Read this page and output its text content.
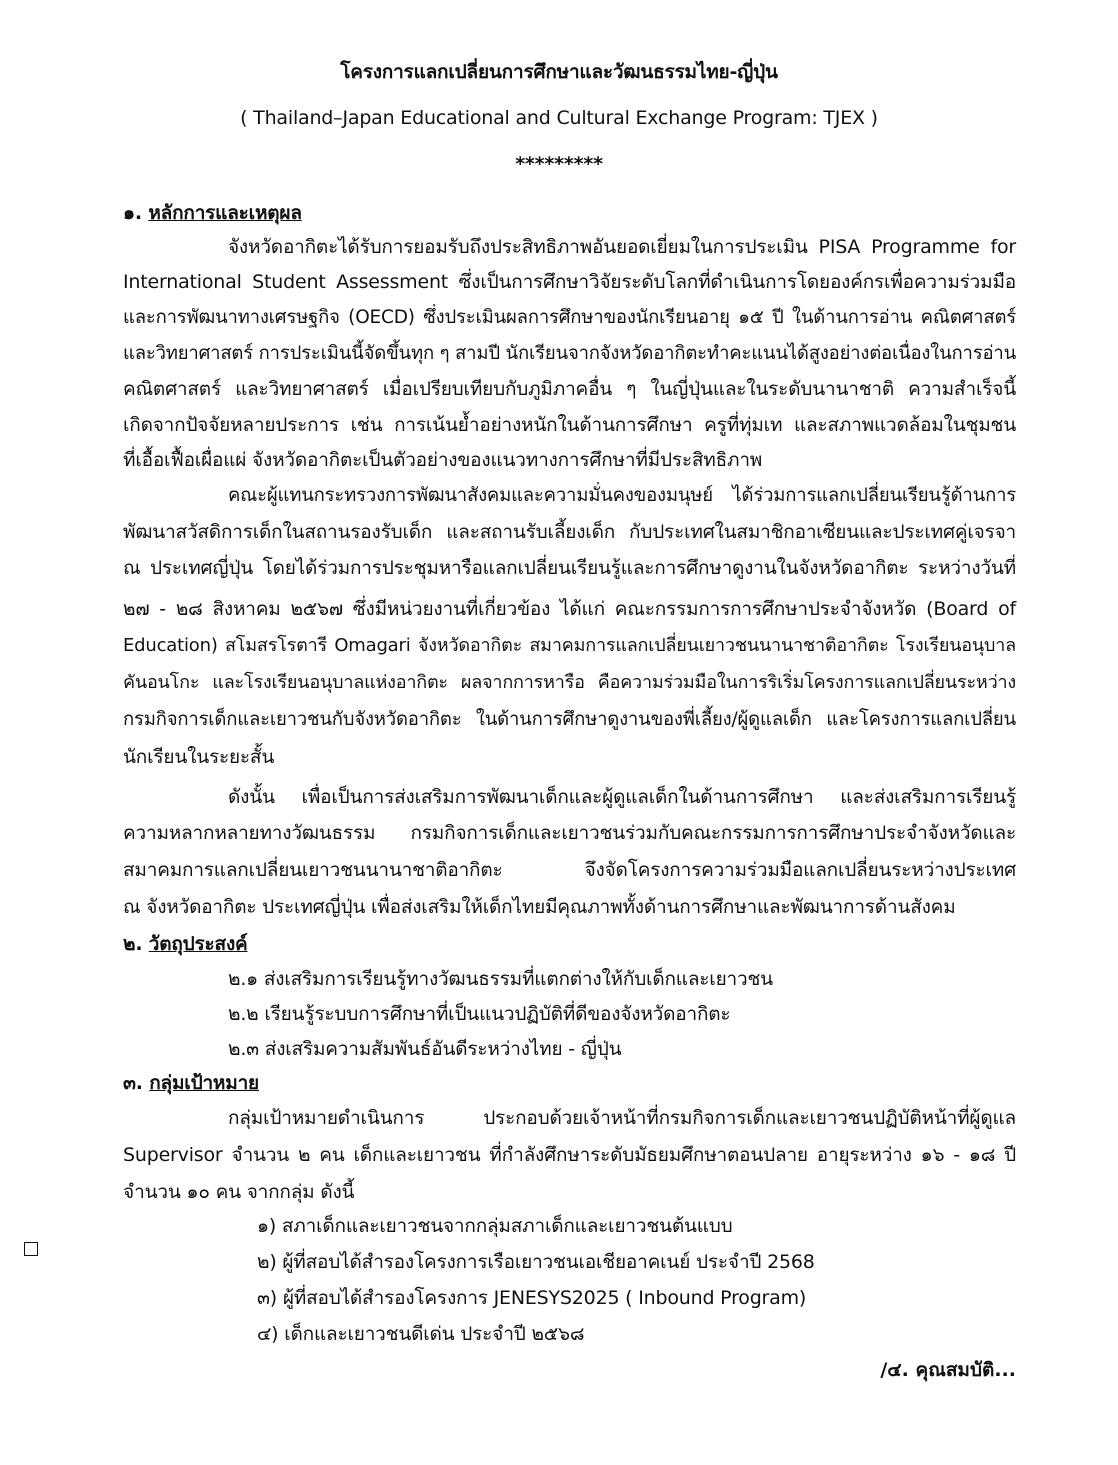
โครงการแลกเปลี่ยนการศึกษาและวัฒนธรรมไทย-ญี่ปุ่น
( Thailand–Japan Educational and Cultural Exchange Program: TJEX )
*********
๑. หลักการและเหตุผล
จังหวัดอากิตะได้รับการยอมรับถึงประสิทธิภาพอันยอดเยี่ยมในการประเมิน PISA Programme for
International Student Assessment ซึ่งเป็นการศึกษาวิจัยระดับโลกที่ดำเนินการโดยองค์กรเพื่อความร่วมมือ
และการพัฒนาทางเศรษฐกิจ (OECD) ซึ่งประเมินผลการศึกษาของนักเรียนอายุ ๑๕ ปี ในด้านการอ่าน คณิตศาสตร์
และวิทยาศาสตร์ การประเมินนี้จัดขึ้นทุก ๆ สามปี นักเรียนจากจังหวัดอากิตะทำคะแนนได้สูงอย่างต่อเนื่องในการอ่าน
คณิตศาสตร์ และวิทยาศาสตร์ เมื่อเปรียบเทียบกับภูมิภาคอื่น ๆ ในญี่ปุ่นและในระดับนานาชาติ ความสำเร็จนี้
เกิดจากปัจจัยหลายประการ เช่น การเน้นย้ำอย่างหนักในด้านการศึกษา ครูที่ทุ่มเท และสภาพแวดล้อมในชุมชน
ที่เอื้อเฟื้อเผื่อแผ่ จังหวัดอากิตะเป็นตัวอย่างของแนวทางการศึกษาที่มีประสิทธิภาพ
คณะผู้แทนกระทรวงการพัฒนาสังคมและความมั่นคงของมนุษย์ ได้ร่วมการแลกเปลี่ยนเรียนรู้ด้านการ
พัฒนาสวัสดิการเด็กในสถานรองรับเด็ก และสถานรับเลี้ยงเด็ก กับประเทศในสมาชิกอาเซียนและประเทศคู่เจรจา
ณ ประเทศญี่ปุ่น โดยได้ร่วมการประชุมหารือแลกเปลี่ยนเรียนรู้และการศึกษาดูงานในจังหวัดอากิตะ ระหว่างวันที่
๒๗ - ๒๘ สิงหาคม ๒๕๖๗ ซึ่งมีหน่วยงานที่เกี่ยวข้อง ได้แก่ คณะกรรมการการศึกษาประจำจังหวัด (Board of
Education) สโมสรโรตารี Omagari จังหวัดอากิตะ สมาคมการแลกเปลี่ยนเยาวชนนานาชาติอากิตะ โรงเรียนอนุบาล
คันอนโกะ และโรงเรียนอนุบาลแห่งอากิตะ ผลจากการหารือ คือความร่วมมือในการริเริ่มโครงการแลกเปลี่ยนระหว่าง
กรมกิจการเด็กและเยาวชนกับจังหวัดอากิตะ ในด้านการศึกษาดูงานของพี่เลี้ยง/ผู้ดูแลเด็ก และโครงการแลกเปลี่ยน
นักเรียนในระยะสั้น
ดังนั้น เพื่อเป็นการส่งเสริมการพัฒนาเด็กและผู้ดูแลเด็กในด้านการศึกษา และส่งเสริมการเรียนรู้
ความหลากหลายทางวัฒนธรรม กรมกิจการเด็กและเยาวชนร่วมกับคณะกรรมการการศึกษาประจำจังหวัดและ
สมาคมการแลกเปลี่ยนเยาวชนนานาชาติอากิตะ จึงจัดโครงการความร่วมมือแลกเปลี่ยนระหว่างประเทศ
ณ จังหวัดอากิตะ ประเทศญี่ปุ่น เพื่อส่งเสริมให้เด็กไทยมีคุณภาพทั้งด้านการศึกษาและพัฒนาการด้านสังคม
๒. วัตถุประสงค์
๒.๑ ส่งเสริมการเรียนรู้ทางวัฒนธรรมที่แตกต่างให้กับเด็กและเยาวชน
๒.๒ เรียนรู้ระบบการศึกษาที่เป็นแนวปฏิบัติที่ดีของจังหวัดอากิตะ
๒.๓ ส่งเสริมความสัมพันธ์อันดีระหว่างไทย - ญี่ปุ่น
๓. กลุ่มเป้าหมาย
กลุ่มเป้าหมายดำเนินการ ประกอบด้วยเจ้าหน้าที่กรมกิจการเด็กและเยาวชนปฏิบัติหน้าที่ผู้ดูแล
Supervisor จำนวน ๒ คน เด็กและเยาวชน ที่กำลังศึกษาระดับมัธยมศึกษาตอนปลาย อายุระหว่าง ๑๖ - ๑๘ ปี
จำนวน ๑๐ คน จากกลุ่ม ดังนี้
๑) สภาเด็กและเยาวชนจากกลุ่มสภาเด็กและเยาวชนต้นแบบ
๒) ผู้ที่สอบได้สำรองโครงการเรือเยาวชนเอเชียอาคเนย์ ประจำปี 2568
๓) ผู้ที่สอบได้สำรองโครงการ JENESYS2025 ( Inbound Program)
๔) เด็กและเยาวชนดีเด่น ประจำปี ๒๕๖๘
/๔. คุณสมบัติ...
